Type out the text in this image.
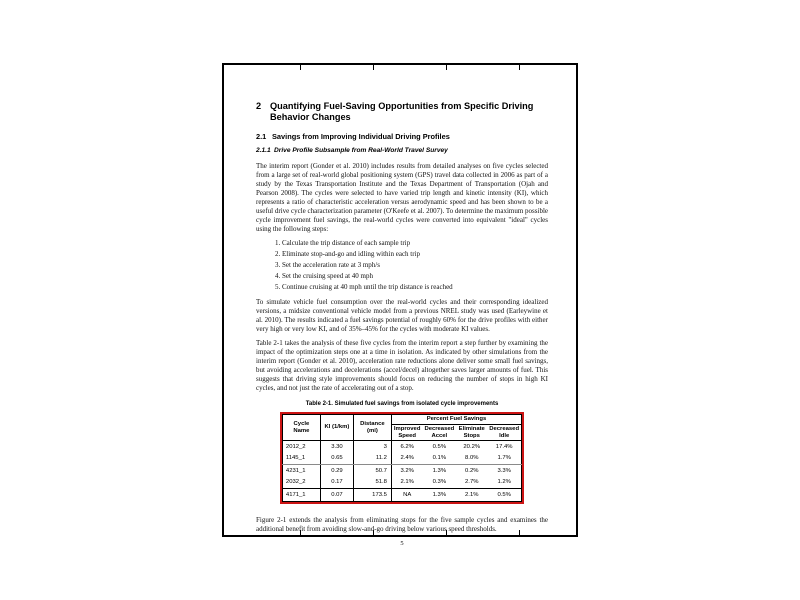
2 Quantifying Fuel-Saving Opportunities from Specific Driving Behavior Changes
2.1 Savings from Improving Individual Driving Profiles
2.1.1 Drive Profile Subsample from Real-World Travel Survey

The interim report (Gonder et al. 2010) includes results from detailed analyses on five cycles selected from a large set of real-world global positioning system (GPS) travel data collected in 2006 as part of a study by the Texas Transportation Institute and the Texas Department of Transportation (Ojah and Pearson 2008). The cycles were selected to have varied trip length and kinetic intensity (KI), which represents a ratio of characteristic acceleration versus aerodynamic speed and has been shown to be a useful drive cycle characterization parameter (O'Keefe et al. 2007). To determine the maximum possible cycle improvement fuel savings, the real-world cycles were converted into equivalent "ideal" cycles using the following steps:

1. Calculate the trip distance of each sample trip
2. Eliminate stop-and-go and idling within each trip
3. Set the acceleration rate at 3 mph/s
4. Set the cruising speed at 40 mph
5. Continue cruising at 40 mph until the trip distance is reached

To simulate vehicle fuel consumption over the real-world cycles and their corresponding idealized versions, a midsize conventional vehicle model from a previous NREL study was used (Earleywine et al. 2010). The results indicated a fuel savings potential of roughly 60% for the drive profiles with either very high or very low KI, and of 35%–45% for the cycles with moderate KI values.

Table 2-1 takes the analysis of these five cycles from the interim report a step further by examining the impact of the optimization steps one at a time in isolation. As indicated by other simulations from the interim report (Gonder et al. 2010), acceleration rate reductions alone deliver some small fuel savings, but avoiding accelerations and decelerations (accel/decel) altogether saves larger amounts of fuel. This suggests that driving style improvements should focus on reducing the number of stops in high KI cycles, and not just the rate of accelerating out of a stop.

Table 2-1. Simulated fuel savings from isolated cycle improvements
Cycle Name	KI (1/km)	Distance (mi)	Percent Fuel Savings			
			Improved Speed	Decreased Accel	Eliminate Stops	Decreased Idle
2012_2	3.30	3	6.2%	0.5%	20.2%	17.4%
1145_1	0.65	11.2	2.4%	0.1%	8.0%	1.7%
4231_1	0.29	50.7	3.2%	1.3%	0.2%	3.3%
2032_2	0.17	51.8	2.1%	0.3%	2.7%	1.2%
4171_1	0.07	173.5	NA	1.3%	2.1%	0.5%

Figure 2-1 extends the analysis from eliminating stops for the five sample cycles and examines the additional benefit from avoiding slow-and-go driving below various speed thresholds.

5
